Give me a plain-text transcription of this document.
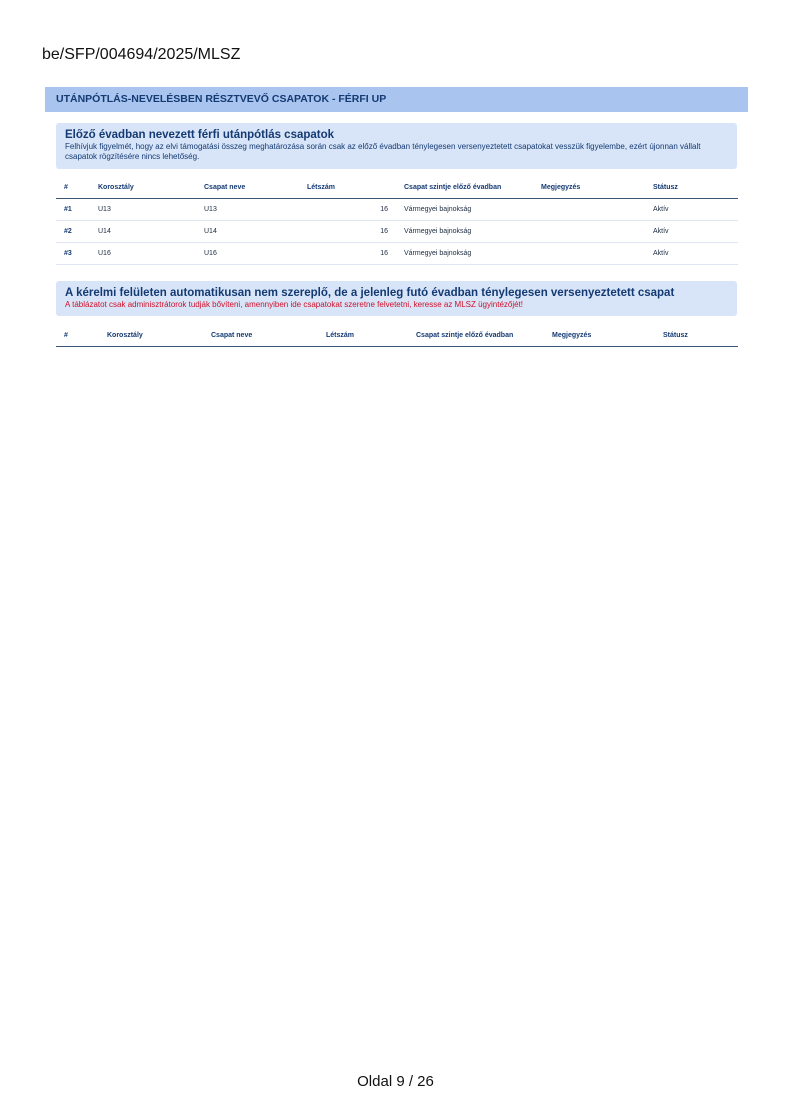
be/SFP/004694/2025/MLSZ
UTÁNPÓTLÁS-NEVELÉSBEN RÉSZTVEVŐ CSAPATOK - FÉRFI UP
Előző évadban nevezett férfi utánpótlás csapatok
Felhívjuk figyelmét, hogy az elvi támogatási összeg meghatározása során csak az előző évadban ténylegesen versenyeztetett csapatokat vesszük figyelembe, ezért újonnan vállalt csapatok rögzítésére nincs lehetőség.
#	Korosztály	Csapat neve	Létszám	Csapat szintje előző évadban	Megjegyzés	Státusz
#1	U13	U13	16	Vármegyei bajnokság		Aktív
#2	U14	U14	16	Vármegyei bajnokság		Aktív
#3	U16	U16	16	Vármegyei bajnokság		Aktív
A kérelmi felületen automatikusan nem szereplő, de a jelenleg futó évadban ténylegesen versenyeztetett csapat
A táblázatot csak adminisztrátorok tudják bővíteni, amennyiben ide csapatokat szeretne felvetetni, keresse az MLSZ ügyintézőjét!
#	Korosztály	Csapat neve	Létszám	Csapat szintje előző évadban	Megjegyzés	Státusz
Oldal 9 / 26
